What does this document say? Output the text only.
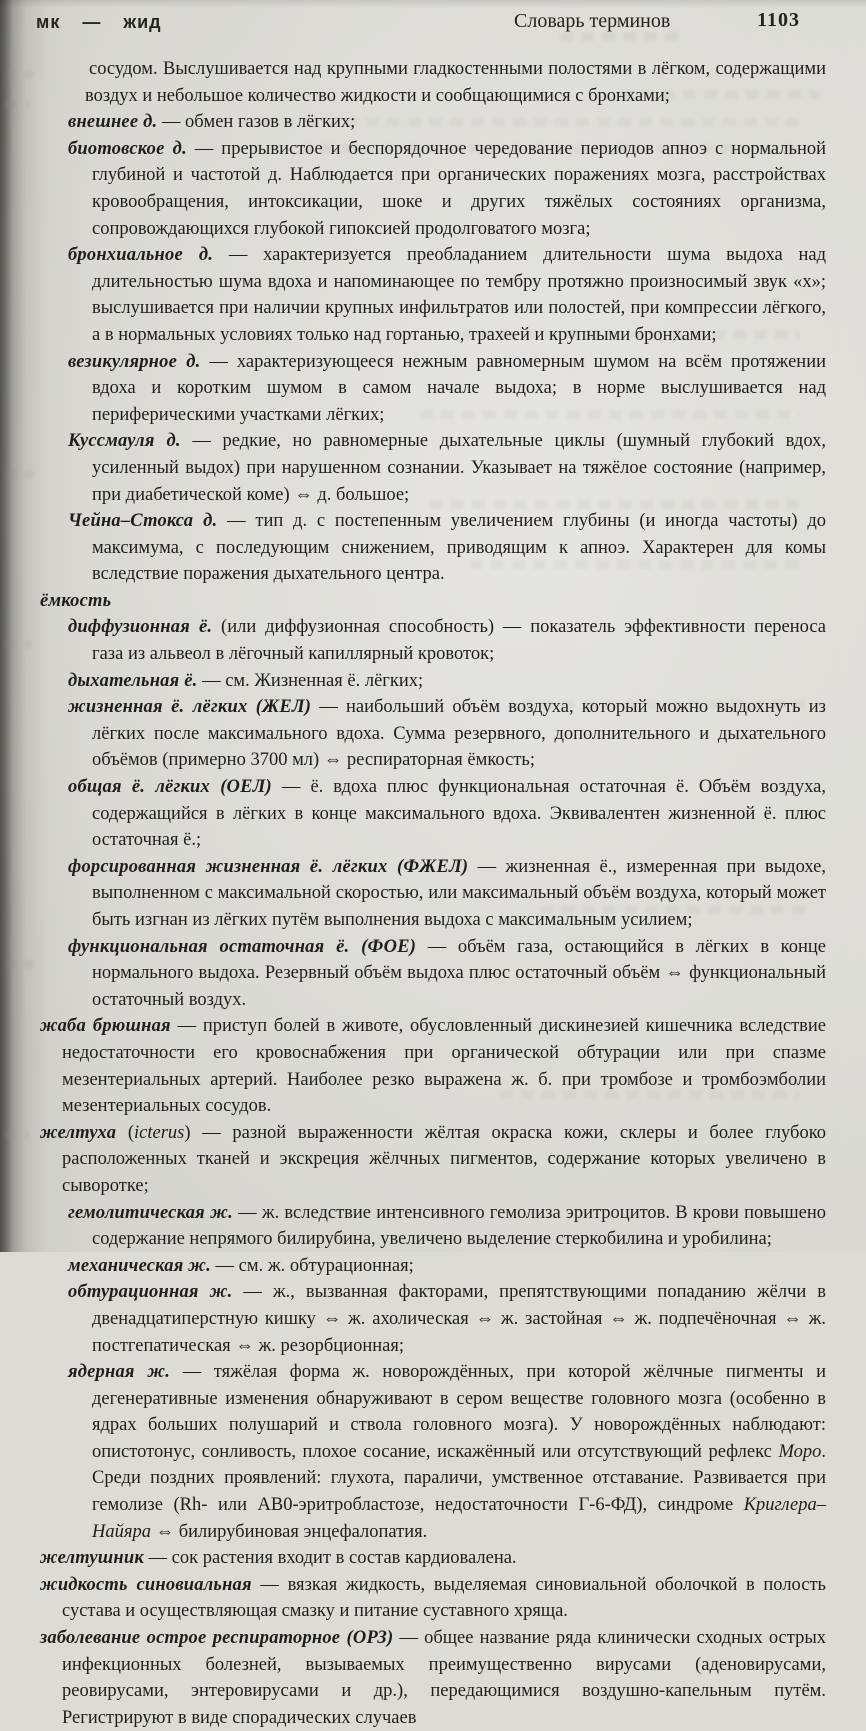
мк — жид	Словарь терминов	1103

сосудом. Выслушивается над крупными гладкостенными полостями в лёгком, содержащими воздух и небольшое количество жидкости и сообщающимися с бронхами;

внешнее д. — обмен газов в лёгких;

биотовское д. — прерывистое и беспорядочное чередование периодов апноэ с нормальной глубиной и частотой д. Наблюдается при органических поражениях мозга, расстройствах кровообращения, интоксикации, шоке и других тяжёлых состояниях организма, сопровождающихся глубокой гипоксией продолговатого мозга;

бронхиальное д. — характеризуется преобладанием длительности шума выдоха над длительностью шума вдоха и напоминающее по тембру протяжно произносимый звук «х»; выслушивается при наличии крупных инфильтратов или полостей, при компрессии лёгкого, а в нормальных условиях только над гортанью, трахеей и крупными бронхами;

везикулярное д. — характеризующееся нежным равномерным шумом на всём протяжении вдоха и коротким шумом в самом начале выдоха; в норме выслушивается над периферическими участками лёгких;

Куссмауля д. — редкие, но равномерные дыхательные циклы (шумный глубокий вдох, усиленный выдох) при нарушенном сознании. Указывает на тяжёлое состояние (например, при диабетической коме) ⇔ д. большое;

Чейна–Стокса д. — тип д. с постепенным увеличением глубины (и иногда частоты) до максимума, с последующим снижением, приводящим к апноэ. Характерен для комы вследствие поражения дыхательного центра.

ёмкость

диффузионная ё. (или диффузионная способность) — показатель эффективности переноса газа из альвеол в лёгочный капиллярный кровоток;

дыхательная ё. — см. Жизненная ё. лёгких;

жизненная ё. лёгких (ЖЕЛ) — наибольший объём воздуха, который можно выдохнуть из лёгких после максимального вдоха. Сумма резервного, дополнительного и дыхательного объёмов (примерно 3700 мл) ⇔ респираторная ёмкость;

общая ё. лёгких (ОЕЛ) — ё. вдоха плюс функциональная остаточная ё. Объём воздуха, содержащийся в лёгких в конце максимального вдоха. Эквивалентен жизненной ё. плюс остаточная ё.;

форсированная жизненная ё. лёгких (ФЖЕЛ) — жизненная ё., измеренная при выдохе, выполненном с максимальной скоростью, или максимальный объём воздуха, который может быть изгнан из лёгких путём выполнения выдоха с максимальным усилием;

функциональная остаточная ё. (ФОЕ) — объём газа, остающийся в лёгких в конце нормального выдоха. Резервный объём выдоха плюс остаточный объём ⇔ функциональный остаточный воздух.

жаба брюшная — приступ болей в животе, обусловленный дискинезией кишечника вследствие недостаточности его кровоснабжения при органической обтурации или при спазме мезентериальных артерий. Наиболее резко выражена ж. б. при тромбозе и тромбоэмболии мезентериальных сосудов.

желтуха (icterus) — разной выраженности жёлтая окраска кожи, склеры и более глубоко расположенных тканей и экскреция жёлчных пигментов, содержание которых увеличено в сыворотке;

гемолитическая ж. — ж. вследствие интенсивного гемолиза эритроцитов. В крови повышено содержание непрямого билирубина, увеличено выделение стеркобилина и уробилина;

механическая ж. — см. ж. обтурационная;

обтурационная ж. — ж., вызванная факторами, препятствующими попаданию жёлчи в двенадцатиперстную кишку ⇔ ж. ахолическая ⇔ ж. застойная ⇔ ж. подпечёночная ⇔ ж. постгепатическая ⇔ ж. резорбционная;

ядерная ж. — тяжёлая форма ж. новорождённых, при которой жёлчные пигменты и дегенеративные изменения обнаруживают в сером веществе головного мозга (особенно в ядрах больших полушарий и ствола головного мозга). У новорождённых наблюдают: опистотонус, сонливость, плохое сосание, искажённый или отсутствующий рефлекс Моро. Среди поздних проявлений: глухота, параличи, умственное отставание. Развивается при гемолизе (Rh- или АВ0-эритробластозе, недостаточности Г-6-ФД), синдроме Криглера–Найяра ⇔ билирубиновая энцефалопатия.

желтушник — сок растения входит в состав кардиовалена.

жидкость синовиальная — вязкая жидкость, выделяемая синовиальной оболочкой в полость сустава и осуществляющая смазку и питание суставного хряща.

заболевание острое респираторное (ОРЗ) — общее название ряда клинически сходных острых инфекционных болезней, вызываемых преимущественно вирусами (аденовирусами, реовирусами, энтеровирусами и др.), передающимися воздушно-капельным путём. Регистрируют в виде спорадических случаев
